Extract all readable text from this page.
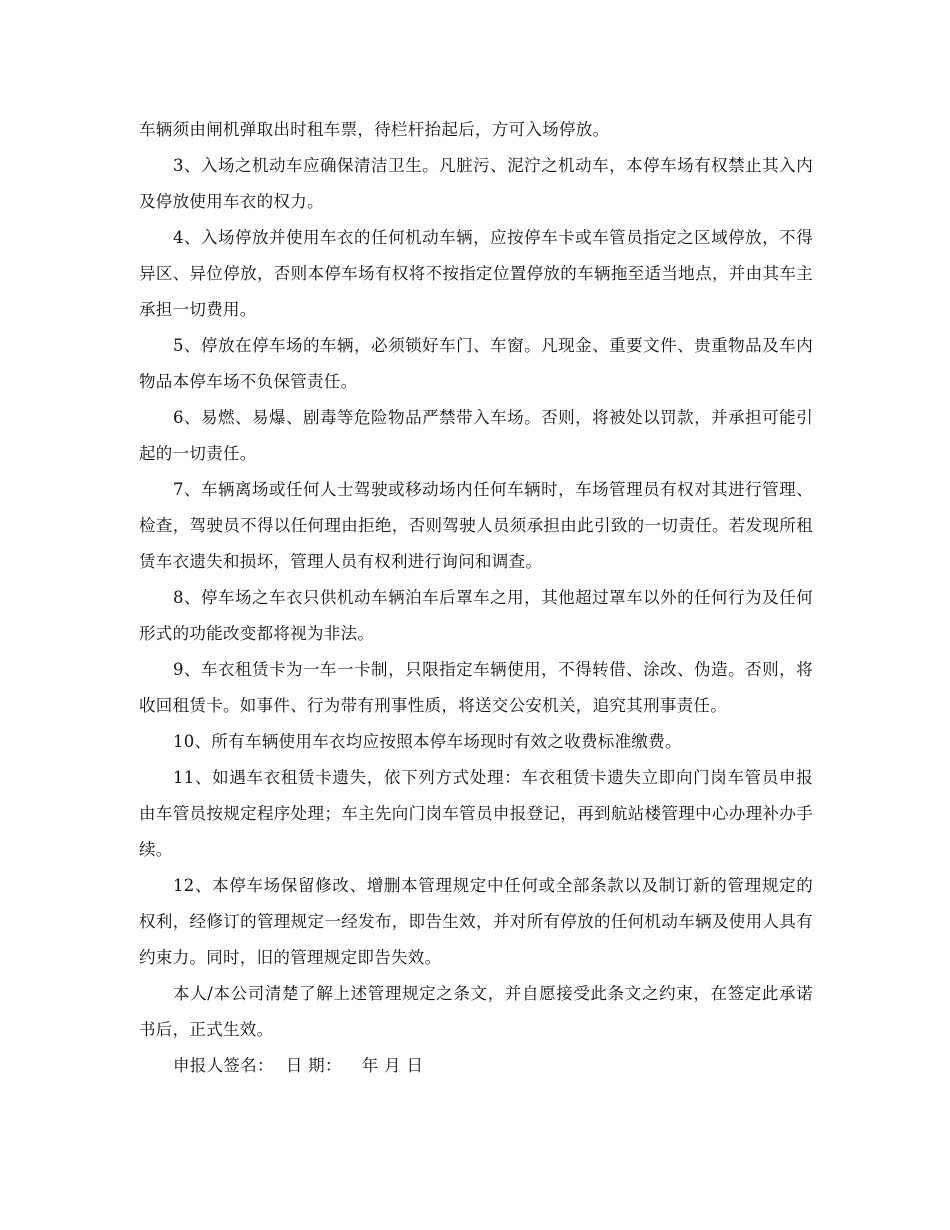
车辆须由闸机弹取出时租车票，待栏杆抬起后，方可入场停放。

3、入场之机动车应确保清洁卫生。凡脏污、泥泞之机动车，本停车场有权禁止其入内及停放使用车衣的权力。

4、入场停放并使用车衣的任何机动车辆，应按停车卡或车管员指定之区域停放，不得异区、异位停放，否则本停车场有权将不按指定位置停放的车辆拖至适当地点，并由其车主承担一切费用。

5、停放在停车场的车辆，必须锁好车门、车窗。凡现金、重要文件、贵重物品及车内物品本停车场不负保管责任。

6、易燃、易爆、剧毒等危险物品严禁带入车场。否则，将被处以罚款，并承担可能引起的一切责任。

7、车辆离场或任何人士驾驶或移动场内任何车辆时，车场管理员有权对其进行管理、检查，驾驶员不得以任何理由拒绝，否则驾驶人员须承担由此引致的一切责任。若发现所租赁车衣遗失和损坏，管理人员有权利进行询问和调查。

8、停车场之车衣只供机动车辆泊车后罩车之用，其他超过罩车以外的任何行为及任何形式的功能改变都将视为非法。

9、车衣租赁卡为一车一卡制，只限指定车辆使用，不得转借、涂改、伪造。否则，将收回租赁卡。如事件、行为带有刑事性质，将送交公安机关，追究其刑事责任。

10、所有车辆使用车衣均应按照本停车场现时有效之收费标准缴费。

11、如遇车衣租赁卡遗失，依下列方式处理：车衣租赁卡遗失立即向门岗车管员申报由车管员按规定程序处理；车主先向门岗车管员申报登记，再到航站楼管理中心办理补办手续。

12、本停车场保留修改、增删本管理规定中任何或全部条款以及制订新的管理规定的权利，经修订的管理规定一经发布，即告生效，并对所有停放的任何机动车辆及使用人具有约束力。同时，旧的管理规定即告失效。

本人/本公司清楚了解上述管理规定之条文，并自愿接受此条文之约束，在签定此承诺书后，正式生效。

申报人签名： 日 期： 年 月 日
